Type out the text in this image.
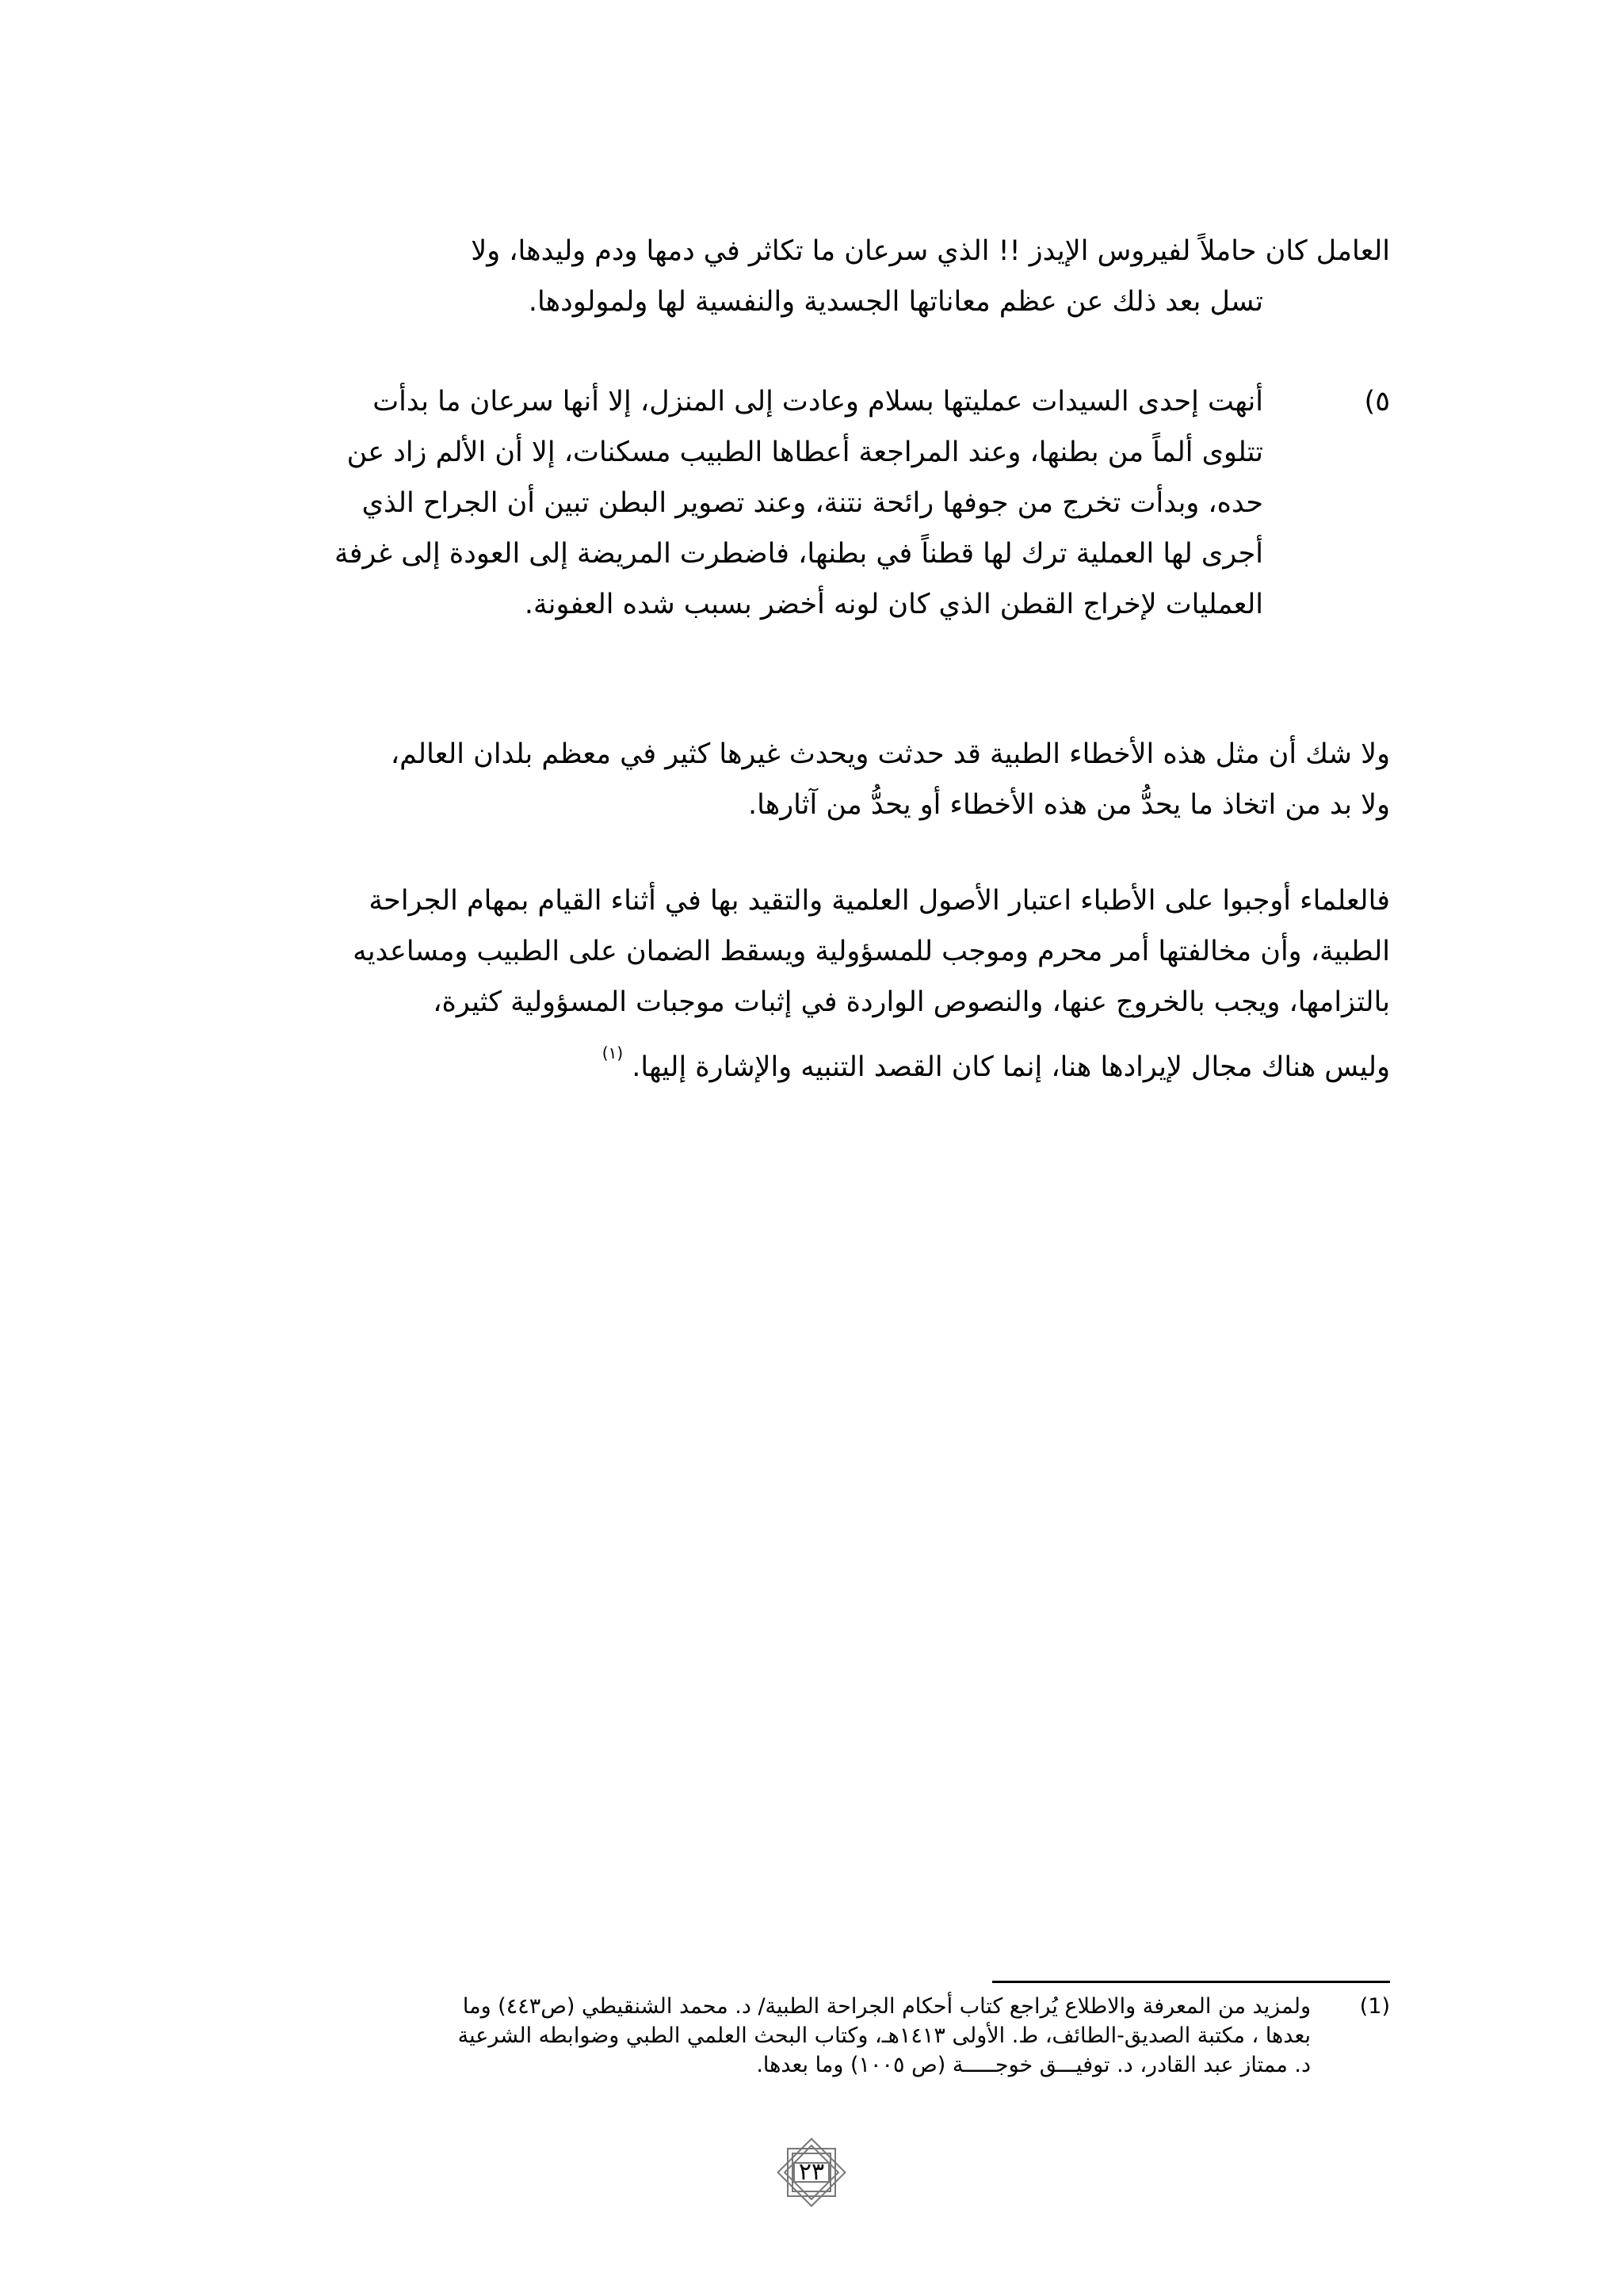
العامل كان حاملاً لفيروس الإيدز !! الذي سرعان ما تكاثر في دمها ودم وليدها، ولا
تسل بعد ذلك عن عظم معاناتها الجسدية والنفسية لها ولمولودها.
٥)
أنهت إحدى السيدات عمليتها بسلام وعادت إلى المنزل، إلا أنها سرعان ما بدأت
تتلوى ألماً من بطنها، وعند المراجعة أعطاها الطبيب مسكنات، إلا أن الألم زاد عن
حده، وبدأت تخرج من جوفها رائحة نتنة، وعند تصوير البطن تبين أن الجراح الذي
أجرى لها العملية ترك لها قطناً في بطنها، فاضطرت المريضة إلى العودة إلى غرفة
العمليات لإخراج القطن الذي كان لونه أخضر بسبب شده العفونة.
ولا شك أن مثل هذه الأخطاء الطبية قد حدثت ويحدث غيرها كثير في معظم بلدان العالم،
ولا بد من اتخاذ ما يحدُّ من هذه الأخطاء أو يحدُّ من آثارها.
فالعلماء أوجبوا على الأطباء اعتبار الأصول العلمية والتقيد بها في أثناء القيام بمهام الجراحة
الطبية، وأن مخالفتها أمر محرم وموجب للمسؤولية ويسقط الضمان على الطبيب ومساعديه
بالتزامها، ويجب بالخروج عنها، والنصوص الواردة في إثبات موجبات المسؤولية كثيرة،
وليس هناك مجال لإيرادها هنا، إنما كان القصد التنبيه والإشارة إليها. $^{(١)}$
(1)
ولمزيد من المعرفة والاطلاع يُراجع كتاب أحكام الجراحة الطبية/ د. محمد الشنقيطي (ص٤٤٣) وما
بعدها ، مكتبة الصديق-الطائف، ط. الأولى ١٤١٣هـ، وكتاب البحث العلمي الطبي وضوابطه الشرعية
د. ممتاز عبد القادر، د. توفيـــق خوجـــــة (ص ١٠٠٥) وما بعدها.
٢٣
